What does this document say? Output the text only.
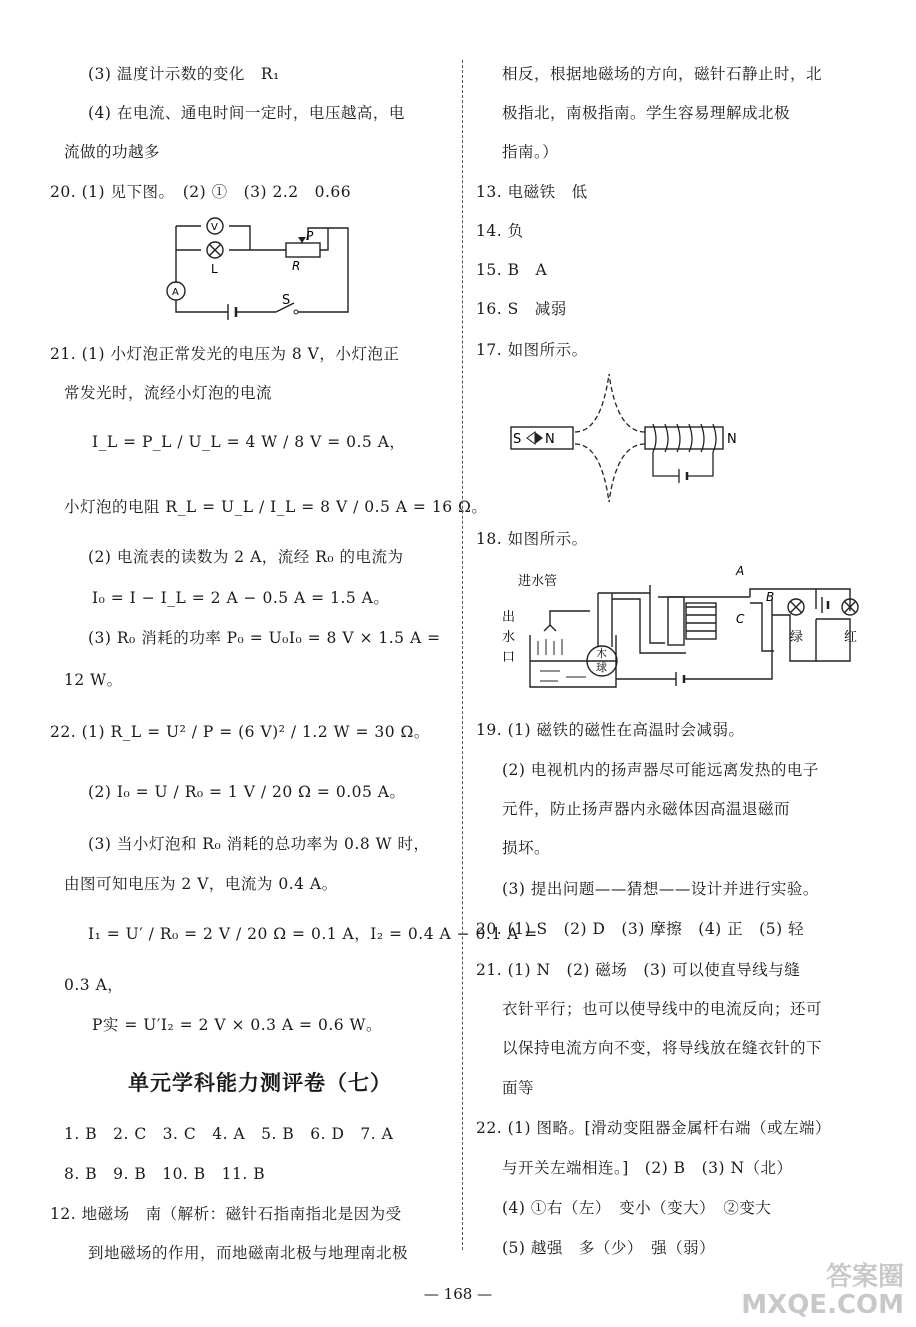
(3) 温度计示数的变化　R₁
(4) 在电流、通电时间一定时，电压越高，电
流做的功越多
20. (1) 见下图。　(2) ①　(3) 2.2　0.66
V
A
L
P
R
S
21. (1) 小灯泡正常发光的电压为 8 V，小灯泡正
常发光时，流经小灯泡的电流
I_L = P_L / U_L = 4 W / 8 V = 0.5 A，
小灯泡的电阻 R_L = U_L / I_L = 8 V / 0.5 A = 16 Ω。
(2) 电流表的读数为 2 A，流经 R₀ 的电流为
I₀ = I − I_L = 2 A − 0.5 A = 1.5 A。
(3) R₀ 消耗的功率 P₀ = U₀I₀ = 8 V × 1.5 A =
12 W。
22. (1) R_L = U² / P = (6 V)² / 1.2 W = 30 Ω。
(2) I₀ = U / R₀ = 1 V / 20 Ω = 0.05 A。
(3) 当小灯泡和 R₀ 消耗的总功率为 0.8 W 时，
由图可知电压为 2 V，电流为 0.4 A。
I₁ = U′ / R₀ = 2 V / 20 Ω = 0.1 A，I₂ = 0.4 A − 0.1 A =
0.3 A，
P实 = U′I₂ = 2 V × 0.3 A = 0.6 W。
单元学科能力测评卷（七）
1. B　2. C　3. C　4. A　5. B　6. D　7. A
8. B　9. B　10. B　11. B
12. 地磁场　南（解析：磁针石指南指北是因为受
到地磁场的作用，而地磁南北极与地理南北极
相反，根据地磁场的方向，磁针石静止时，北
极指北，南极指南。学生容易理解成北极
指南。）
13. 电磁铁　低
14. 负
15. B　A
16. S　减弱
17. 如图所示。
S N	N
18. 如图所示。
进水管
出
水
口	木
球
A
B
C
绿	红
19. (1) 磁铁的磁性在高温时会减弱。
(2) 电视机内的扬声器尽可能远离发热的电子
元件，防止扬声器内永磁体因高温退磁而
损坏。
(3) 提出问题——猜想——设计并进行实验。
20. (1) S　(2) D　(3) 摩擦　(4) 正　(5) 轻
21. (1) N　(2) 磁场　(3) 可以使直导线与缝
衣针平行；也可以使导线中的电流反向；还可
以保持电流方向不变，将导线放在缝衣针的下
面等
22. (1) 图略。[滑动变阻器金属杆右端（或左端）
与开关左端相连。]　(2) B　(3) N（北）
(4) ①右（左）　变小（变大）　②变大
(5) 越强　多（少）　强（弱）
— 168 —
答案圈
MXQE.COM
